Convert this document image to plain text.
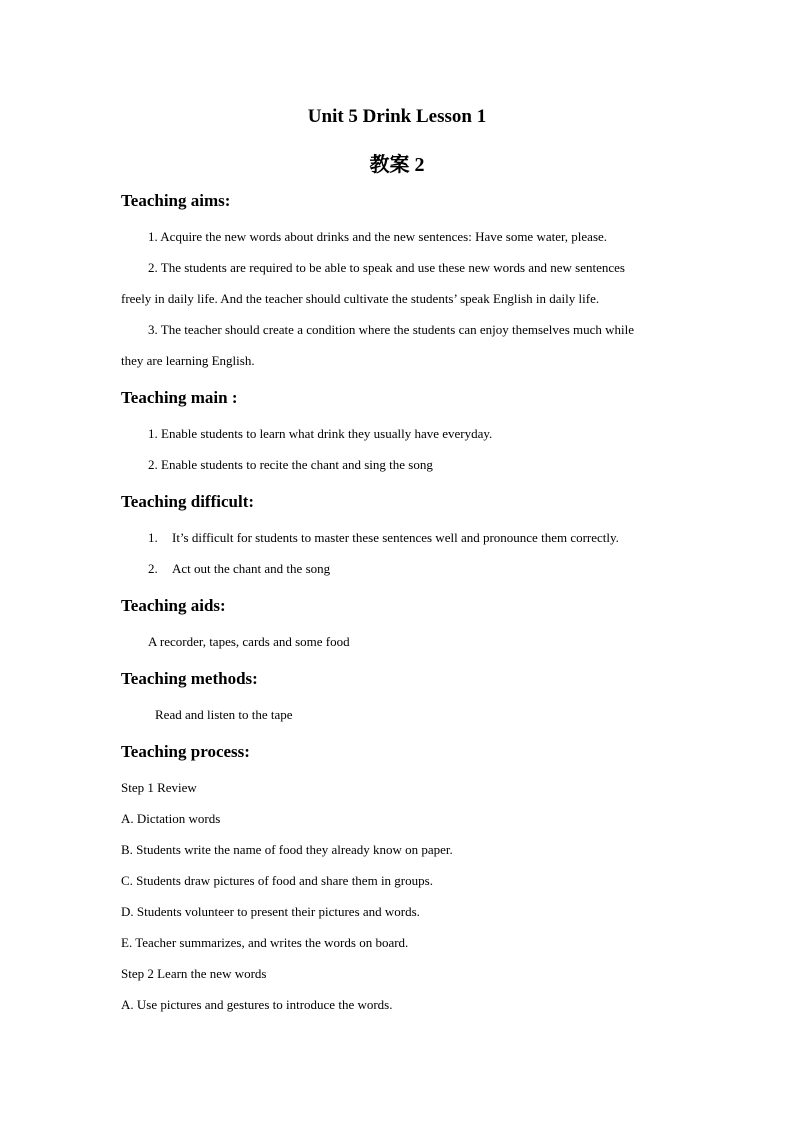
Unit 5 Drink Lesson 1
教案 2
Teaching aims:
1. Acquire the new words about drinks and the new sentences: Have some water, please.
2. The students are required to be able to speak and use these new words and new sentences
freely in daily life. And the teacher should cultivate the students’ speak English in daily life.
3. The teacher should create a condition where the students can enjoy themselves much while
they are learning English.
Teaching main :
1. Enable students to learn what drink they usually have everyday.
2. Enable students to recite the chant and sing the song
Teaching difficult:
1. It’s difficult for students to master these sentences well and pronounce them correctly.
2. Act out the chant and the song
Teaching aids:
A recorder, tapes, cards and some food
Teaching methods:
Read and listen to the tape
Teaching process:
Step 1 Review
A. Dictation words
B. Students write the name of food they already know on paper.
C. Students draw pictures of food and share them in groups.
D. Students volunteer to present their pictures and words.
E. Teacher summarizes, and writes the words on board.
Step 2 Learn the new words
A. Use pictures and gestures to introduce the words.
